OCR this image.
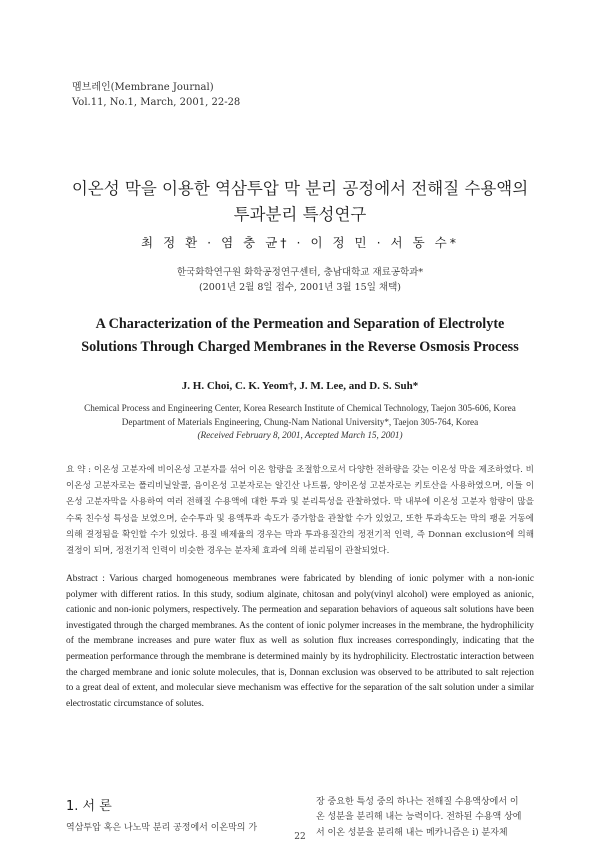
멤브레인(Membrane Journal)
Vol.11, No.1, March, 2001, 22-28
이온성 막을 이용한 역삼투압 막 분리 공정에서 전해질 수용액의
투과분리 특성연구
최 정 환 · 염 충 균† · 이 정 민 · 서 동 수*
한국화학연구원 화학공정연구센터, 충남대학교 재료공학과*
(2001년 2월 8일 접수, 2001년 3월 15일 채택)
A Characterization of the Permeation and Separation of Electrolyte
Solutions Through Charged Membranes in the Reverse Osmosis Process
J. H. Choi, C. K. Yeom†, J. M. Lee, and D. S. Suh*
Chemical Process and Engineering Center, Korea Research Institute of Chemical Technology, Taejon 305-606, Korea
Department of Materials Engineering, Chung-Nam National University*, Taejon 305-764, Korea
(Received February 8, 2001, Accepted March 15, 2001)
요 약 : 이온성 고분자에 비이온성 고분자를 섞어 이온 함량을 조절함으로서 다양한 전하량을 갖는 이온성 막을 제조하였다. 비이온성 고분자로는 폴리비닐알콜, 음이온성 고분자로는 알긴산 나트륨, 양이온성 고분자로는 키토산을 사용하였으며, 이들 이온성 고분자막을 사용하여 여러 전해질 수용액에 대한 투과 및 분리특성을 관찰하였다. 막 내부에 이온성 고분자 함량이 많을수록 친수성 특성을 보였으며, 순수투과 및 용액투과 속도가 증가함을 관찰할 수가 있었고, 또한 투과속도는 막의 팽윤 거동에 의해 결정됨을 확인할 수가 있었다. 용질 배제율의 경우는 막과 투과용질간의 정전기적 인력, 즉 Donnan exclusion에 의해 결정이 되며, 정전기적 인력이 비슷한 경우는 분자체 효과에 의해 분리됨이 관찰되었다.
Abstract : Various charged homogeneous membranes were fabricated by blending of ionic polymer with a non-ionic polymer with different ratios. In this study, sodium alginate, chitosan and poly(vinyl alcohol) were employed as anionic, cationic and non-ionic polymers, respectively. The permeation and separation behaviors of aqueous salt solutions have been investigated through the charged membranes. As the content of ionic polymer increases in the membrane, the hydrophilicity of the membrane increases and pure water flux as well as solution flux increases correspondingly, indicating that the permeation performance through the membrane is determined mainly by its hydrophilicity. Electrostatic interaction between the charged membrane and ionic solute molecules, that is, Donnan exclusion was observed to be attributed to salt rejection to a great deal of extent, and molecular sieve mechanism was effective for the separation of the salt solution under a similar electrostatic circumstance of solutes.
1. 서 론
역삼투압 혹은 나노막 분리 공정에서 이온막의 가
장 중요한 특성 중의 하나는 전해질 수용액상에서 이
온 성분을 분리해 내는 능력이다. 전하된 수용액 상에
서 이온 성분을 분리해 내는 메카니즘은 i) 분자체
22
